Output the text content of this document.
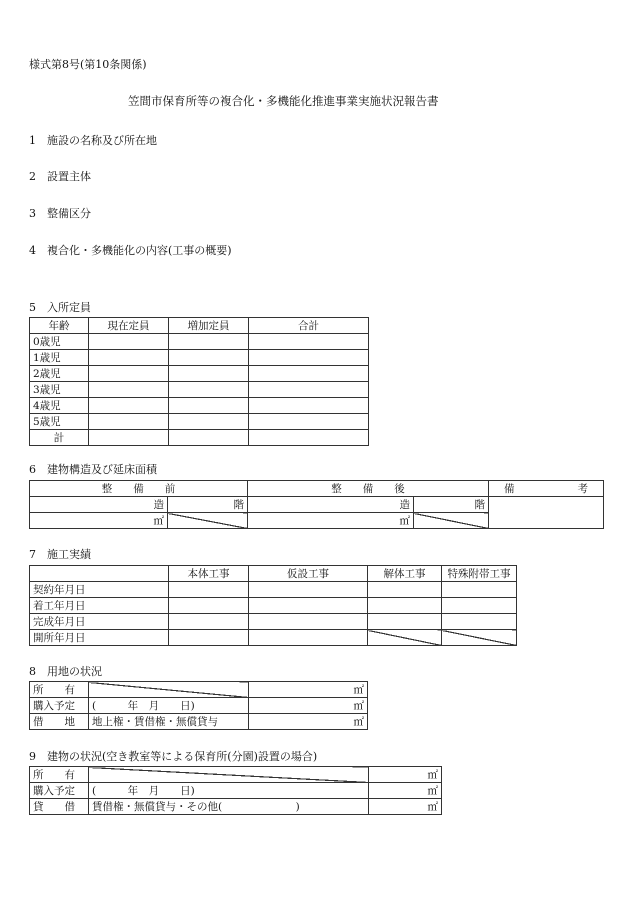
様式第8号(第10条関係)
笠間市保育所等の複合化・多機能化推進事業実施状況報告書
1　施設の名称及び所在地
2　設置主体
3　整備区分
4　複合化・多機能化の内容(工事の概要)
5　入所定員
年齢	現在定員	増加定員	合計
0歳児			
1歳児			
2歳児			
3歳児			
4歳児			
5歳児			
計			
6　建物構造及び延床面積
整　　備　　前		整　　備　　後		備　　　　　　考
造	階	造	階	
㎡		㎡		
7　施工実績
	本体工事	仮設工事	解体工事	特殊附帯工事
契約年月日				
着工年月日				
完成年月日				
開所年月日				
8　用地の状況
所　　有		㎡
購入予定	(　　　年　月　　日)	㎡
借　　地	地上権・賃借権・無償貸与	㎡
9　建物の状況(空き教室等による保育所(分園)設置の場合)
所　　有		㎡
購入予定	(　　　年　月　　日)	㎡
貸　　借	賃借権・無償貸与・その他(　　　　　　　)	㎡
